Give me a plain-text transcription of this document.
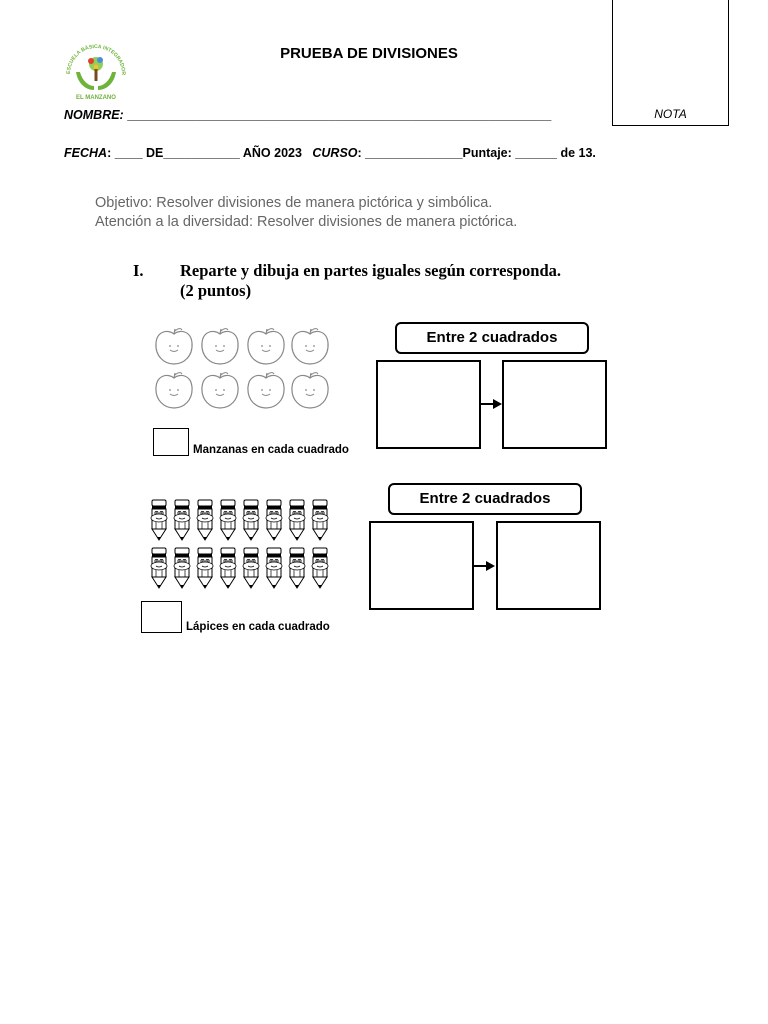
NOTA
ESCUELA BÁSICA INTEGRADOR
EL MANZANO
PRUEBA DE DIVISIONES
NOMBRE: _____________________________________________________________
FECHA: ____ DE___________ AÑO 2023 CURSO: ______________Puntaje: ______ de 13.
Objetivo: Resolver divisiones de manera pictórica y simbólica.
Atención a la diversidad: Resolver divisiones de manera pictórica.
I. Reparte y dibuja en partes iguales según corresponda.
(2 puntos)
Manzanas en cada cuadrado
Entre 2 cuadrados
Lápices en cada cuadrado
Entre 2 cuadrados
